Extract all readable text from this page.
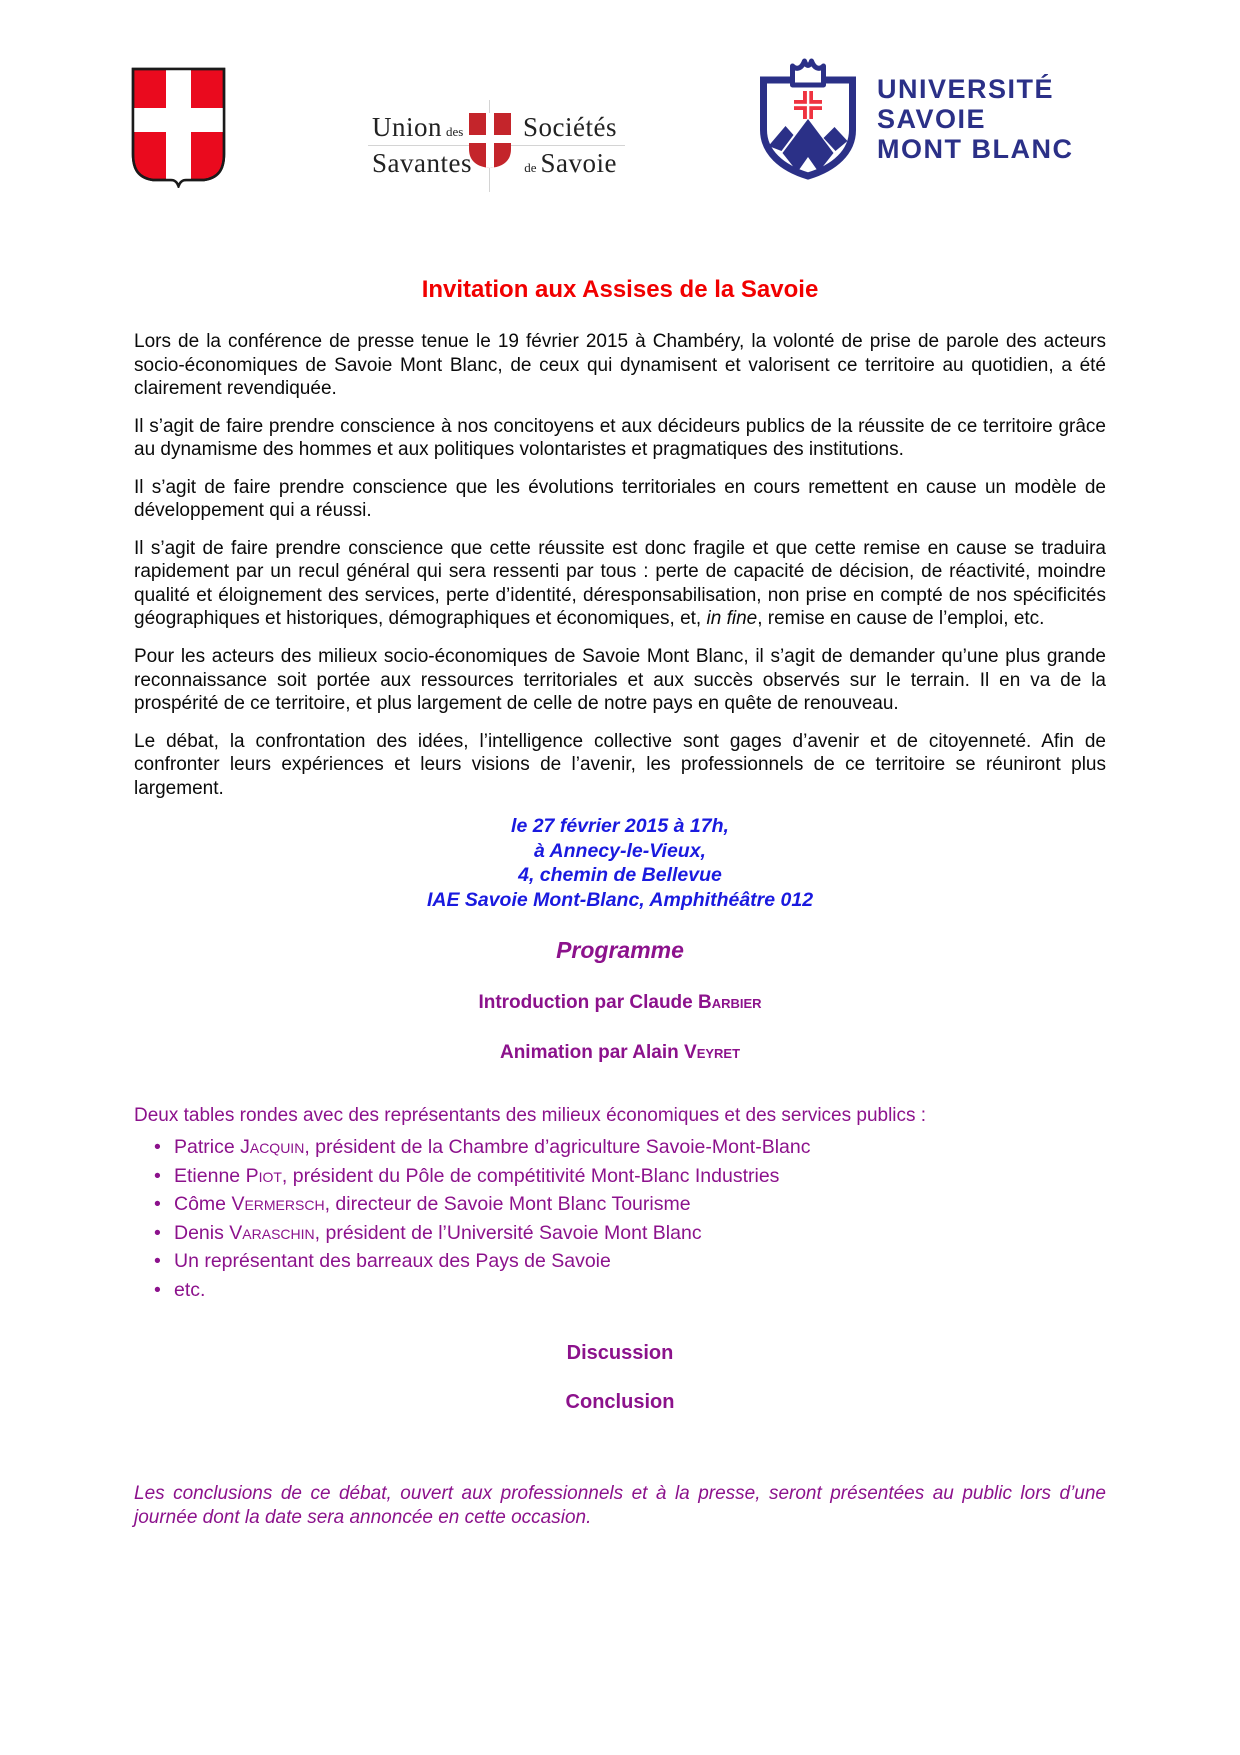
Union des Sociétés
Savantes	de Savoie
UNIVERSITÉ
SAVOIE
MONT BLANC
Invitation aux Assises de la Savoie

Lors de la conférence de presse tenue le 19 février 2015 à Chambéry, la volonté de prise de parole des acteurs socio-économiques de Savoie Mont Blanc, de ceux qui dynamisent et valorisent ce territoire au quotidien, a été clairement revendiquée.

Il s’agit de faire prendre conscience à nos concitoyens et aux décideurs publics de la réussite de ce territoire grâce au dynamisme des hommes et aux politiques volontaristes et pragmatiques des institutions.

Il s’agit de faire prendre conscience que les évolutions territoriales en cours remettent en cause un modèle de développement qui a réussi.

Il s’agit de faire prendre conscience que cette réussite est donc fragile et que cette remise en cause se traduira rapidement par un recul général qui sera ressenti par tous : perte de capacité de décision, de réactivité, moindre qualité et éloignement des services, perte d’identité, déresponsabilisation, non prise en compté de nos spécificités géographiques et historiques, démographiques et économiques, et, in fine, remise en cause de l’emploi, etc.

Pour les acteurs des milieux socio-économiques de Savoie Mont Blanc, il s’agit de demander qu’une plus grande reconnaissance soit portée aux ressources territoriales et aux succès observés sur le terrain. Il en va de la prospérité de ce territoire, et plus largement de celle de notre pays en quête de renouveau.

Le débat, la confrontation des idées, l’intelligence collective sont gages d’avenir et de citoyenneté. Afin de confronter leurs expériences et leurs visions de l’avenir, les professionnels de ce territoire se réuniront plus largement.

le 27 février 2015 à 17h,
à Annecy-le-Vieux,
4, chemin de Bellevue
IAE Savoie Mont-Blanc, Amphithéâtre 012
Programme
Introduction par Claude Barbier
Animation par Alain Veyret

Deux tables rondes avec des représentants des milieux économiques et des services publics :

• Patrice Jacquin, président de la Chambre d’agriculture Savoie-Mont-Blanc
• Etienne Piot, président du Pôle de compétitivité Mont-Blanc Industries
• Côme Vermersch, directeur de Savoie Mont Blanc Tourisme
• Denis Varaschin, président de l’Université Savoie Mont Blanc
• Un représentant des barreaux des Pays de Savoie
• etc.
Discussion
Conclusion

Les conclusions de ce débat, ouvert aux professionnels et à la presse, seront présentées au public lors d’une journée dont la date sera annoncée en cette occasion.
